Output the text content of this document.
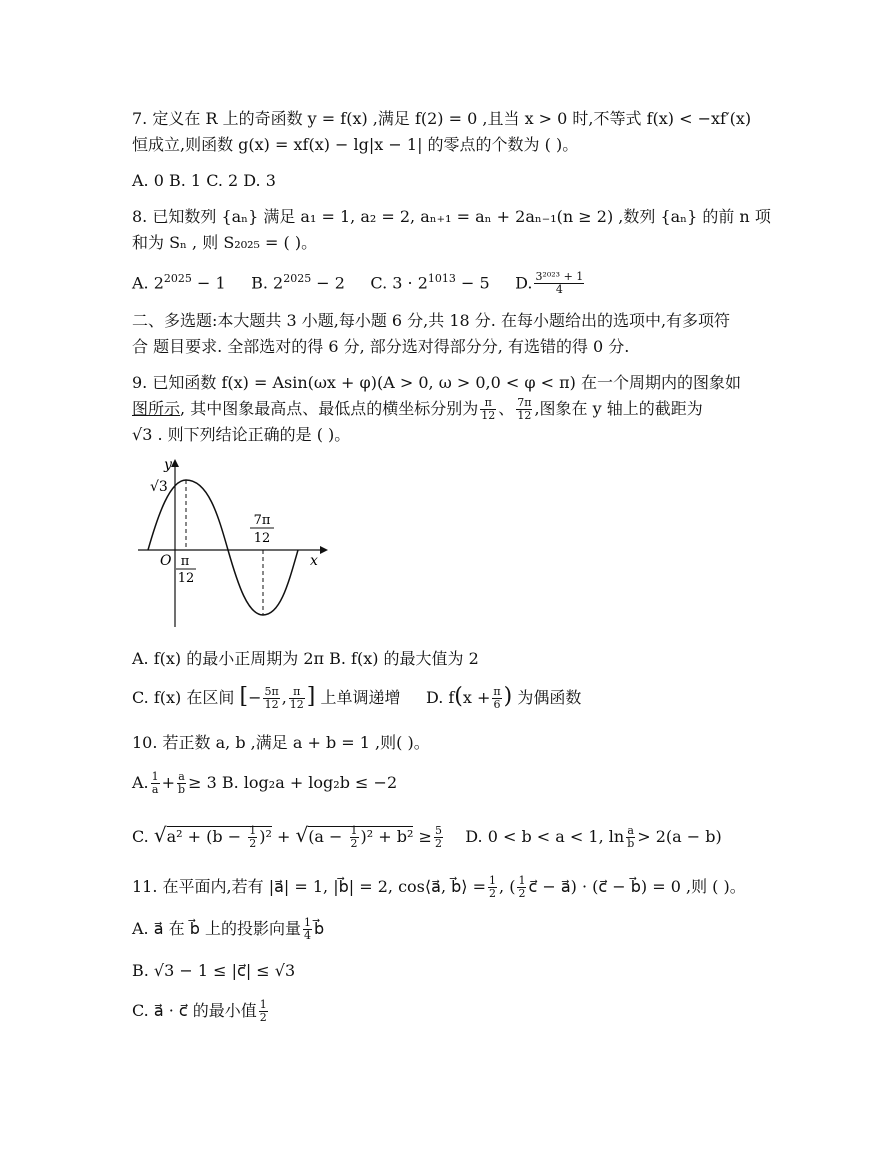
7. 定义在 R 上的奇函数 y = f(x) ,满足 f(2) = 0 ,且当 x > 0 时,不等式 f(x) < −xf′(x)
恒成立,则函数 g(x) = xf(x) − lg|x − 1| 的零点的个数为 ( )。
A. 0 B. 1 C. 2 D. 3
8. 已知数列 {aₙ} 满足 a₁ = 1, a₂ = 2, aₙ₊₁ = aₙ + 2aₙ₋₁(n ≥ 2) ,数列 {aₙ} 的前 n 项
和为 Sₙ , 则 S₂₀₂₅ = ( )。
A. $2^{2025} - 1$ B. $2^{2025} - 2$ C. $3 \cdot 2^{1013} - 5$ D. $\frac{\text{3²⁰²³ + 1}}{4}$
二、多选题:本大题共 3 小题,每小题 6 分,共 18 分. 在每小题给出的选项中,有多项符
合 题目要求. 全部选对的得 6 分, 部分选对得部分分, 有选错的得 0 分.
9. 已知函数 f(x) = Asin(ωx + φ)(A > 0, ω > 0,0 < φ < π) 在一个周期内的图象如
图所示, 其中图象最高点、最低点的横坐标分别为 $\frac{\pi}{12}$ 、 $\frac{7\pi}{12}$ ,图象在 y 轴上的截距为
√3 . 则下列结论正确的是 ( )。
y
x
O
√3
π
12
7π
12
A. f(x) 的最小正周期为 2π B. f(x) 的最大值为 2
C. f(x) 在区间 [− $\frac{5\pi}{12}$ , $\frac{\pi}{12}$ ] 上单调递增 D. $f(x + \frac{\pi}{6}$ ) 为偶函数
10. 若正数 a, b ,满足 a + b = 1 ,则( )。
A. $\frac{1}{a} + \frac{a}{b} \ge 3$ B. log₂a + log₂b ≤ −2
C. $√a^2 + (b - \frac{1}{2} )^2 + √(a - \frac{1}{2} )^2 + b^2 \ge \frac{5}{2} D$. 0 < b < a < 1, $\ln \frac{a}{b} > 2(a - b)$
11. 在平面内,若有 |a⃗| = 1, |b⃗| = 2, cos⟨a⃗, b⃗⟩ = $\frac{1}{2}$ , ( $\frac{1}{2}$ c⃗ − a⃗) · (c⃗ − b⃗) = 0 ,则 ( )。
A. a⃗ 在 b⃗ 上的投影向量 $\frac{1}{4}$ b⃗
B. √3 − 1 ≤ |c⃗| ≤ √3
C. a⃗ · c⃗ 的最小值 $\frac{1}{2}$
